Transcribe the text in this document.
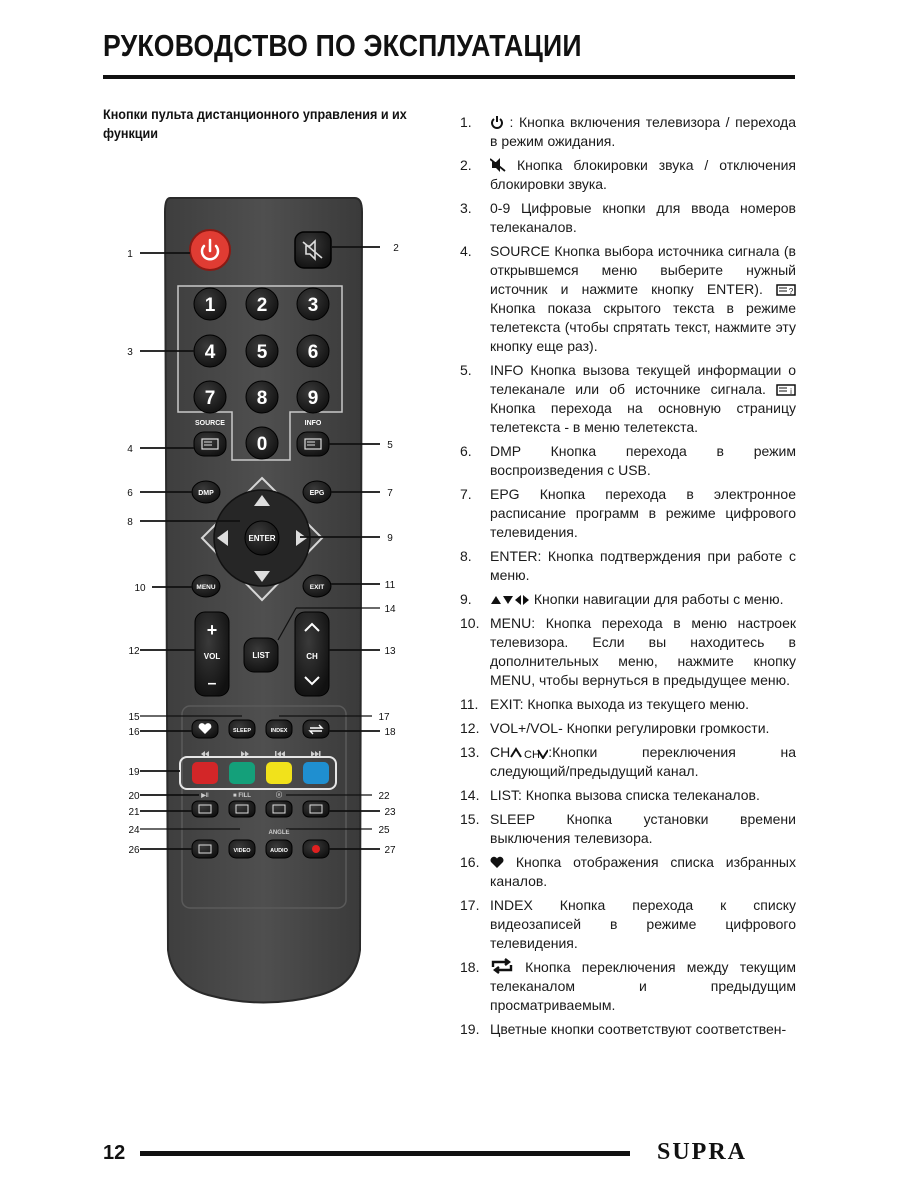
РУКОВОДСТВО ПО ЭКСПЛУАТАЦИИ
Кнопки пульта дистанционного управления и их функции
1 2 3
4 5 6
7 8 9
0
SOURCE	INFO
DMP	EPG
ENTER
MENU	EXIT
+
VOL
–
LIST	CH
SLEEP	INDEX
▶‖	■ FILL	ⓢ
ANGLE
VIDEO	AUDIO
1
2
3
4	5
6	7
8
9
10	11
14
12	13
15
16
17
18
19
20
21
22
23
24	25
26	27
1.	: Кнопка включения телевизора / перехода в режим ожидания.
2.	Кнопка блокировки звука / отключения блокировки звука.
3. 0-9 Цифровые кнопки для ввода номеров телеканалов.
4. SOURCE Кнопка выбора источника сигнала (в открывшемся меню выберите нужный источник и нажмите кнопку ENTER).	?
Кнопка показа скрытого текста в режиме телетекста (чтобы спрятать текст, нажмите эту кнопку еще раз).
5. INFO Кнопка вызова текущей информации о телеканале или об источнике сигнала.	i
Кнопка перехода на основную страницу телетекста - в меню телетекста.
6. DMP Кнопка перехода в режим воспроизведения с USB.
7. EPG Кнопка перехода в электронное расписание программ в режиме цифрового телевидения.
8. ENTER: Кнопка подтверждения при работе с меню.
9.	Кнопки навигации для работы с меню.
10. MENU: Кнопка перехода в меню настроек телевизора. Если вы находитесь в дополнительных меню, нажмите кнопку MENU, чтобы вернуться в предыдущее меню.
11. EXIT: Кнопка выхода из текущего меню.
12. VOL+/VOL- Кнопки регулировки громкости.
13. CH CH :Кнопки переключения на следующий/предыдущий канал.
14. LIST: Кнопка вызова списка телеканалов.
15. SLEEP Кнопка установки времени выключения телевизора.
16.	Кнопка отображения списка избранных каналов.
17. INDEX Кнопка перехода к списку видеозаписей в режиме цифрового телевидения.
18.	Кнопка переключения между текущим телеканалом и предыдущим просматриваемым.
19. Цветные кнопки соответствуют соответствен-
12	SUPRA
